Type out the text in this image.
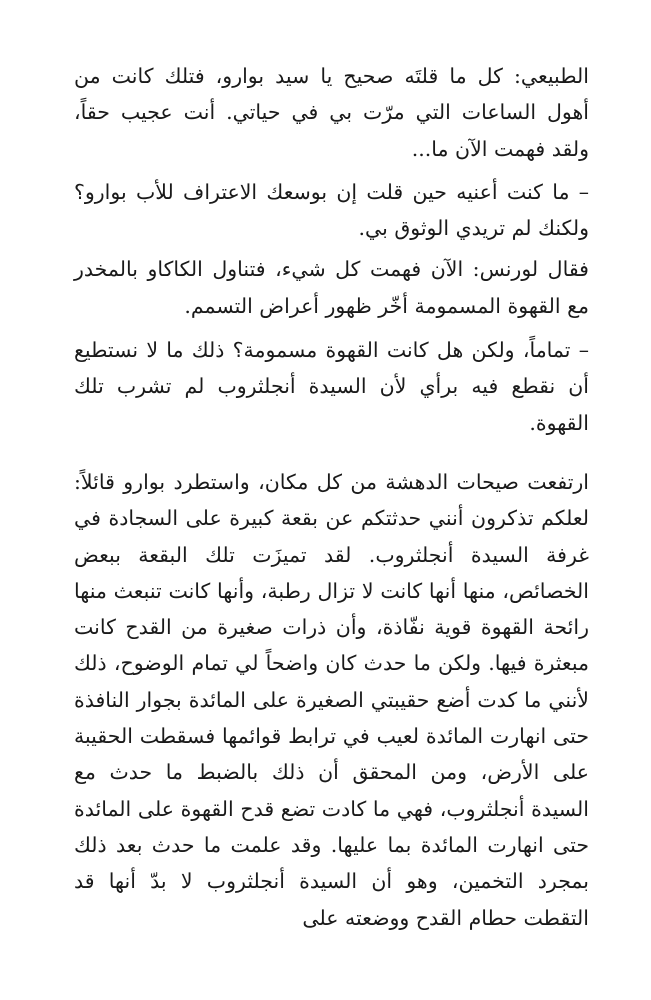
الطبيعي: كل ما قلتَه صحيح يا سيد بوارو، فتلك كانت من أهول الساعات التي مرّت بي في حياتي. أنت عجيب حقاً، ولقد فهمت الآن ما...

– ما كنت أعنيه حين قلت إن بوسعك الاعتراف للأب بوارو؟ ولكنك لم تريدي الوثوق بي.

فقال لورنس: الآن فهمت كل شيء، فتناول الكاكاو بالمخدر مع القهوة المسمومة أخّر ظهور أعراض التسمم.

– تماماً، ولكن هل كانت القهوة مسمومة؟ ذلك ما لا نستطيع أن نقطع فيه برأي لأن السيدة أنجلثروب لم تشرب تلك القهوة.

ارتفعت صيحات الدهشة من كل مكان، واستطرد بوارو قائلاً: لعلكم تذكرون أنني حدثتكم عن بقعة كبيرة على السجادة في غرفة السيدة أنجلثروب. لقد تميزَت تلك البقعة ببعض الخصائص، منها أنها كانت لا تزال رطبة، وأنها كانت تنبعث منها رائحة القهوة قوية نفّاذة، وأن ذرات صغيرة من القدح كانت مبعثرة فيها. ولكن ما حدث كان واضحاً لي تمام الوضوح، ذلك لأنني ما كدت أضع حقيبتي الصغيرة على المائدة بجوار النافذة حتى انهارت المائدة لعيب في ترابط قوائمها فسقطت الحقيبة على الأرض، ومن المحقق أن ذلك بالضبط ما حدث مع السيدة أنجلثروب، فهي ما كادت تضع قدح القهوة على المائدة حتى انهارت المائدة بما عليها. وقد علمت ما حدث بعد ذلك بمجرد التخمين، وهو أن السيدة أنجلثروب لا بدّ أنها قد التقطت حطام القدح ووضعته على
